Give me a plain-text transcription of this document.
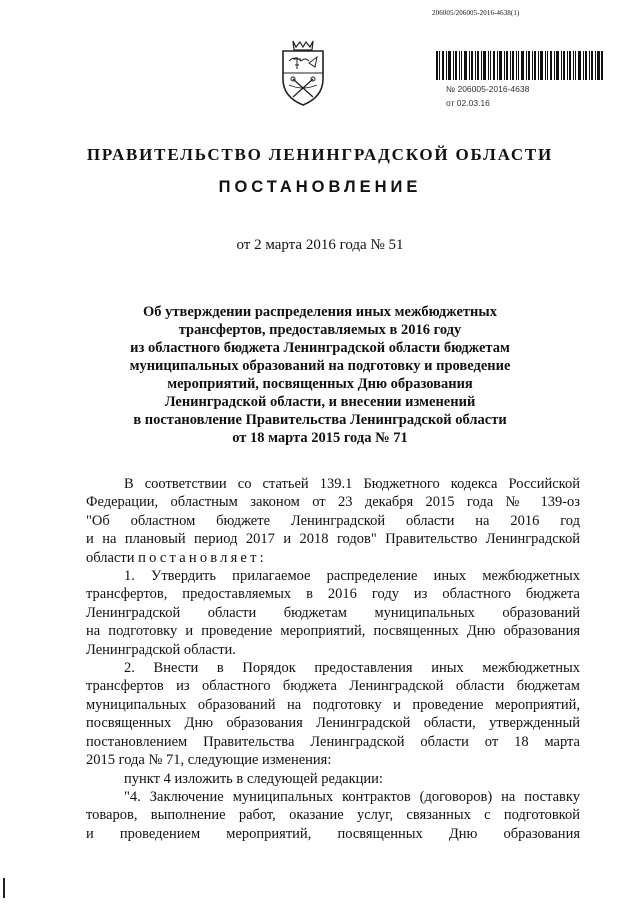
206005/206005-2016-4638(1)
№ 206005-2016-4638
от 02.03.16
ПРАВИТЕЛЬСТВО ЛЕНИНГРАДСКОЙ ОБЛАСТИ
ПОСТАНОВЛЕНИЕ
от 2 марта 2016 года № 51
Об утверждении распределения иных межбюджетных
трансфертов, предоставляемых в 2016 году
из областного бюджета Ленинградской области бюджетам
муниципальных образований на подготовку и проведение
мероприятий, посвященных Дню образования
Ленинградской области, и внесении изменений
в постановление Правительства Ленинградской области
от 18 марта 2015 года № 71
В соответствии со статьей 139.1 Бюджетного кодекса Российской
Федерации, областным законом от 23 декабря 2015 года № 139-оз
"Об областном бюджете Ленинградской области на 2016 год
и на плановый период 2017 и 2018 годов" Правительство Ленинградской
области постановляет:
1. Утвердить прилагаемое распределение иных межбюджетных
трансфертов, предоставляемых в 2016 году из областного бюджета
Ленинградской области бюджетам муниципальных образований
на подготовку и проведение мероприятий, посвященных Дню образования
Ленинградской области.
2. Внести в Порядок предоставления иных межбюджетных
трансфертов из областного бюджета Ленинградской области бюджетам
муниципальных образований на подготовку и проведение мероприятий,
посвященных Дню образования Ленинградской области, утвержденный
постановлением Правительства Ленинградской области от 18 марта
2015 года № 71, следующие изменения:
пункт 4 изложить в следующей редакции:
"4. Заключение муниципальных контрактов (договоров) на поставку
товаров, выполнение работ, оказание услуг, связанных с подготовкой
и проведением мероприятий, посвященных Дню образования
